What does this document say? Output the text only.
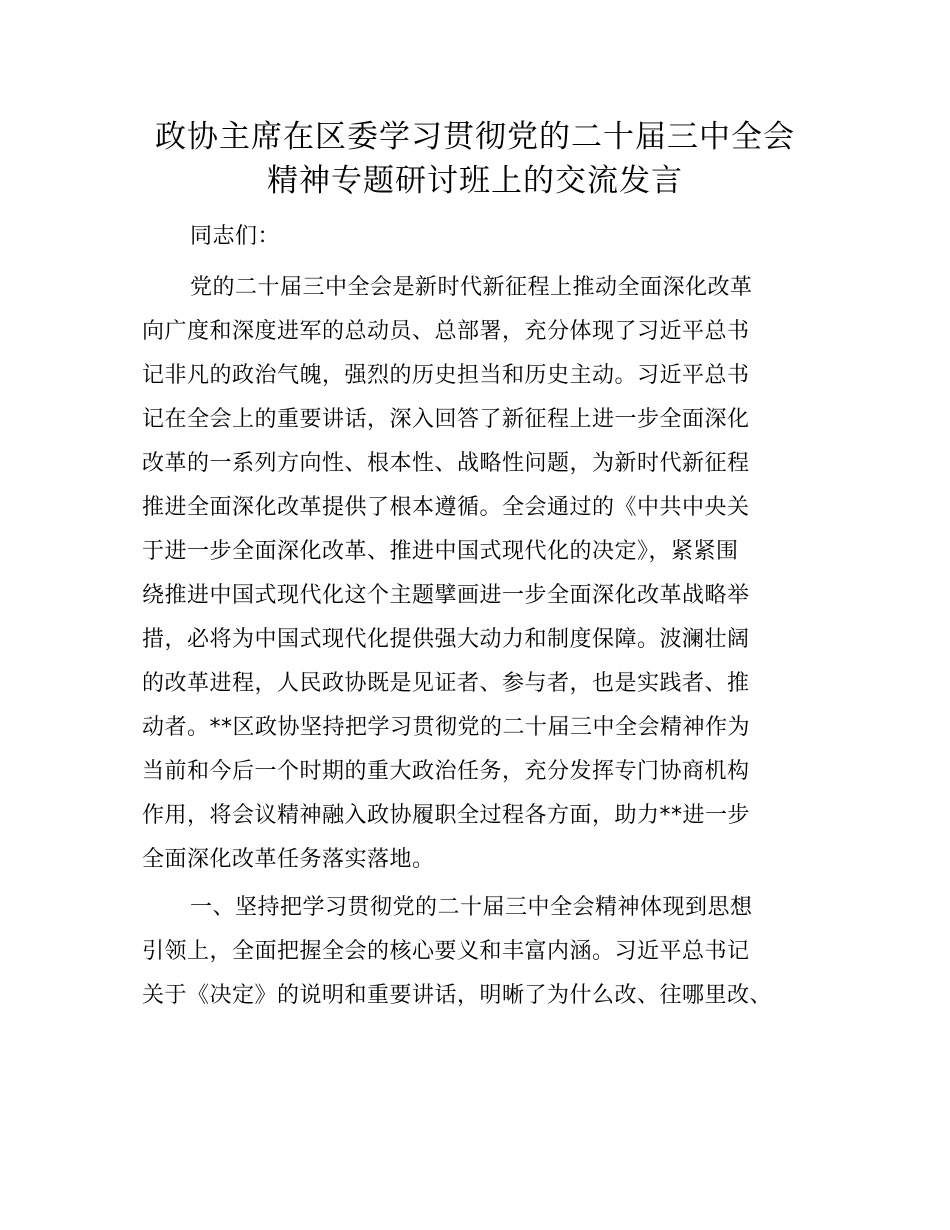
政协主席在区委学习贯彻党的二十届三中全会
精神专题研讨班上的交流发言
同志们：
党的二十届三中全会是新时代新征程上推动全面深化改革
向广度和深度进军的总动员、总部署，充分体现了习近平总书
记非凡的政治气魄，强烈的历史担当和历史主动。习近平总书
记在全会上的重要讲话，深入回答了新征程上进一步全面深化
改革的一系列方向性、根本性、战略性问题，为新时代新征程
推进全面深化改革提供了根本遵循。全会通过的《中共中央关
于进一步全面深化改革、推进中国式现代化的决定》，紧紧围
绕推进中国式现代化这个主题擘画进一步全面深化改革战略举
措，必将为中国式现代化提供强大动力和制度保障。波澜壮阔
的改革进程，人民政协既是见证者、参与者，也是实践者、推
动者。**区政协坚持把学习贯彻党的二十届三中全会精神作为
当前和今后一个时期的重大政治任务，充分发挥专门协商机构
作用，将会议精神融入政协履职全过程各方面，助力**进一步
全面深化改革任务落实落地。
一、坚持把学习贯彻党的二十届三中全会精神体现到思想
引领上，全面把握全会的核心要义和丰富内涵。习近平总书记
关于《决定》的说明和重要讲话，明晰了为什么改、往哪里改、
